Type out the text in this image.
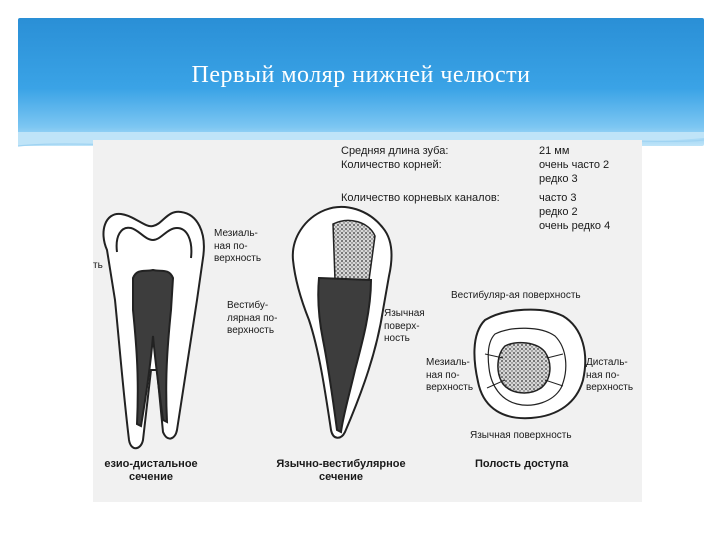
Первый моляр нижней челюсти
Средняя длина зуба:
Количество корней:
Количество корневых каналов:
21 мм
очень часто 2
редко 3
часто 3
редко 2
очень редко 4
ть
Мезиаль-
ная по-
верхность
Вестибу-
лярная по-
верхность
Язычная
поверх-
ность
Вестибуляр-ая поверхность
Мезиаль-
ная по-
верхность
Дисталь-
ная по-
верхность
Язычная поверхность
езио-дистальное
сечение
Язычно-вестибулярное
сечение
Полость доступа
